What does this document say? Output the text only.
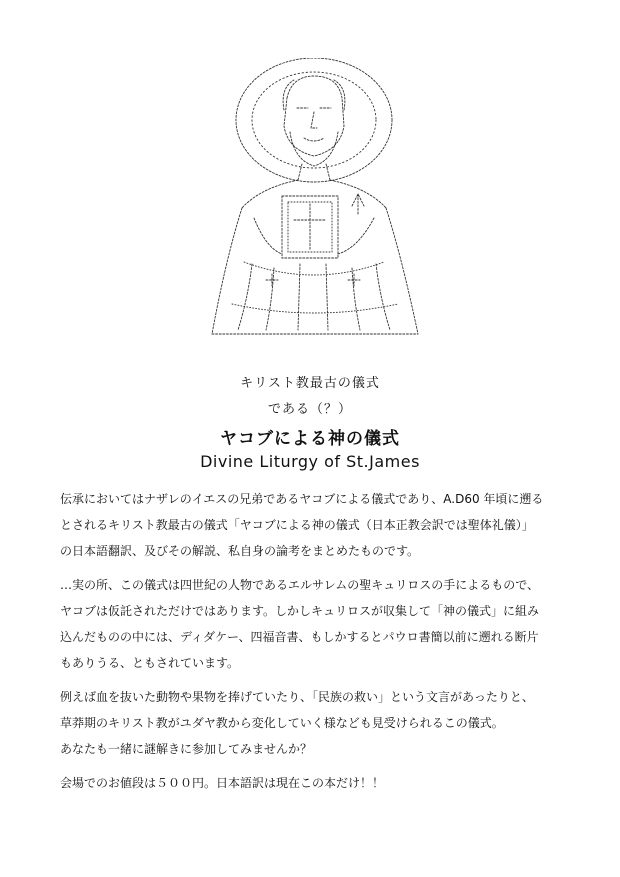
キリスト教最古の儀式
である（？）
ヤコブによる神の儀式
Divine Liturgy of St.James
伝承においてはナザレのイエスの兄弟であるヤコブによる儀式であり、A.D60 年頃に遡る
とされるキリスト教最古の儀式「ヤコブによる神の儀式（日本正教会訳では聖体礼儀）」
の日本語翻訳、及びその解説、私自身の論考をまとめたものです。
…実の所、この儀式は四世紀の人物であるエルサレムの聖キュリロスの手によるもので、
ヤコブは仮託されただけではあります。しかしキュリロスが収集して「神の儀式」に組み
込んだものの中には、ディダケー、四福音書、もしかするとパウロ書簡以前に遡れる断片
もありうる、ともされています。
例えば血を抜いた動物や果物を捧げていたり、「民族の救い」という文言があったりと、
草莽期のキリスト教がユダヤ教から変化していく様なども見受けられるこの儀式。
あなたも一緒に謎解きに参加してみませんか？
会場でのお値段は５００円。日本語訳は現在この本だけ！！
